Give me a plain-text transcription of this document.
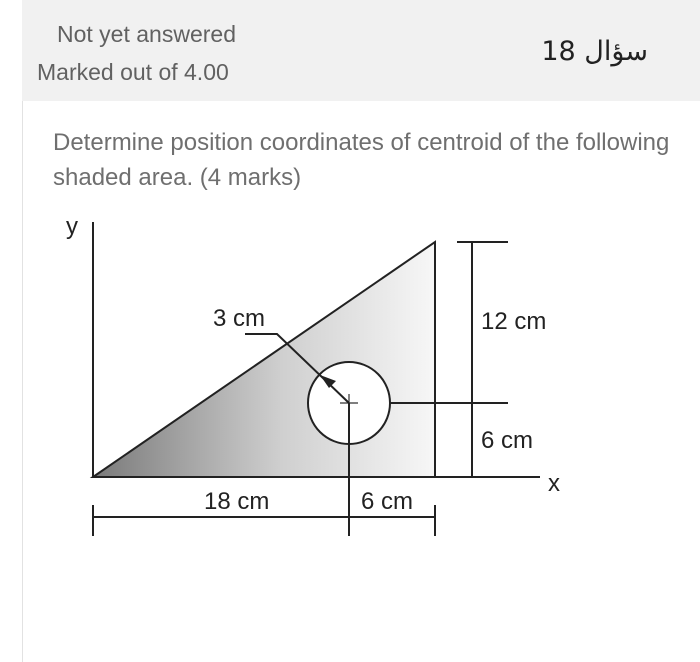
Not yet answered
Marked out of 4.00
سؤال 18
Determine position coordinates of centroid of the following shaded area. (4 marks)
y
x
3 cm	12 cm
6 cm
18 cm	6 cm
